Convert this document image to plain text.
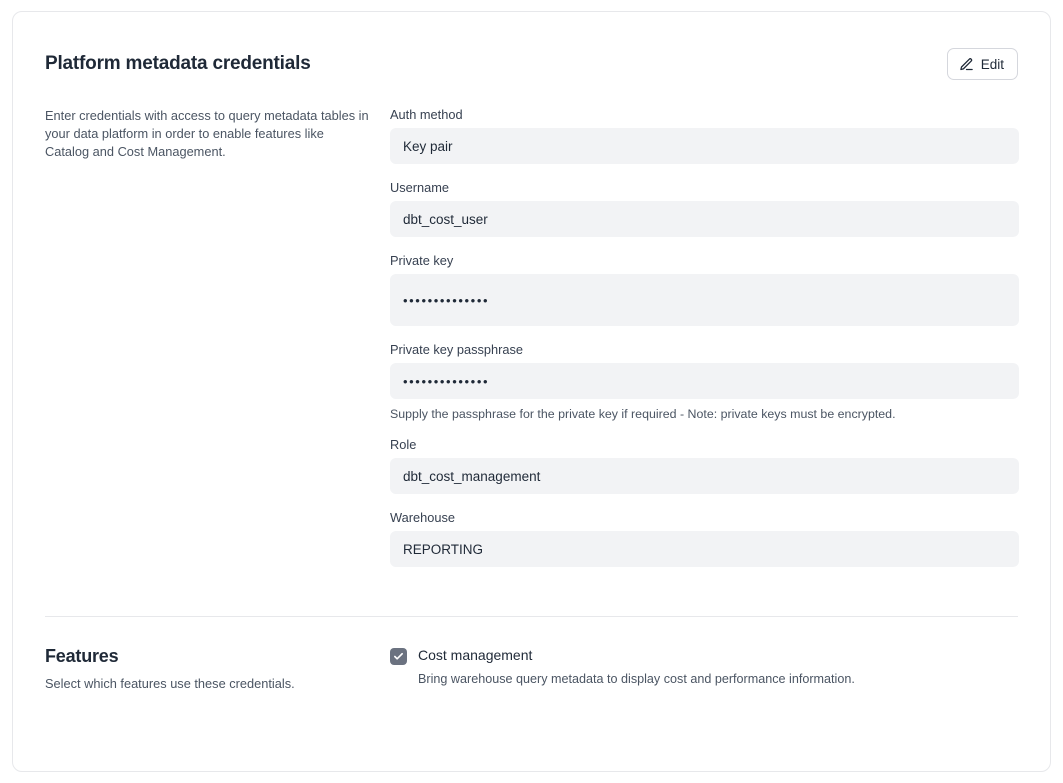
Platform metadata credentials	Edit
Enter credentials with access to query metadata tables in your data platform in order to enable features like Catalog and Cost Management.
Auth method
Key pair
Username
dbt_cost_user
Private key
••••••••••••••
Private key passphrase
••••••••••••••
Supply the passphrase for the private key if required - Note: private keys must be encrypted.
Role
dbt_cost_management
Warehouse
REPORTING
Features
Select which features use these credentials.
Cost management
Bring warehouse query metadata to display cost and performance information.
